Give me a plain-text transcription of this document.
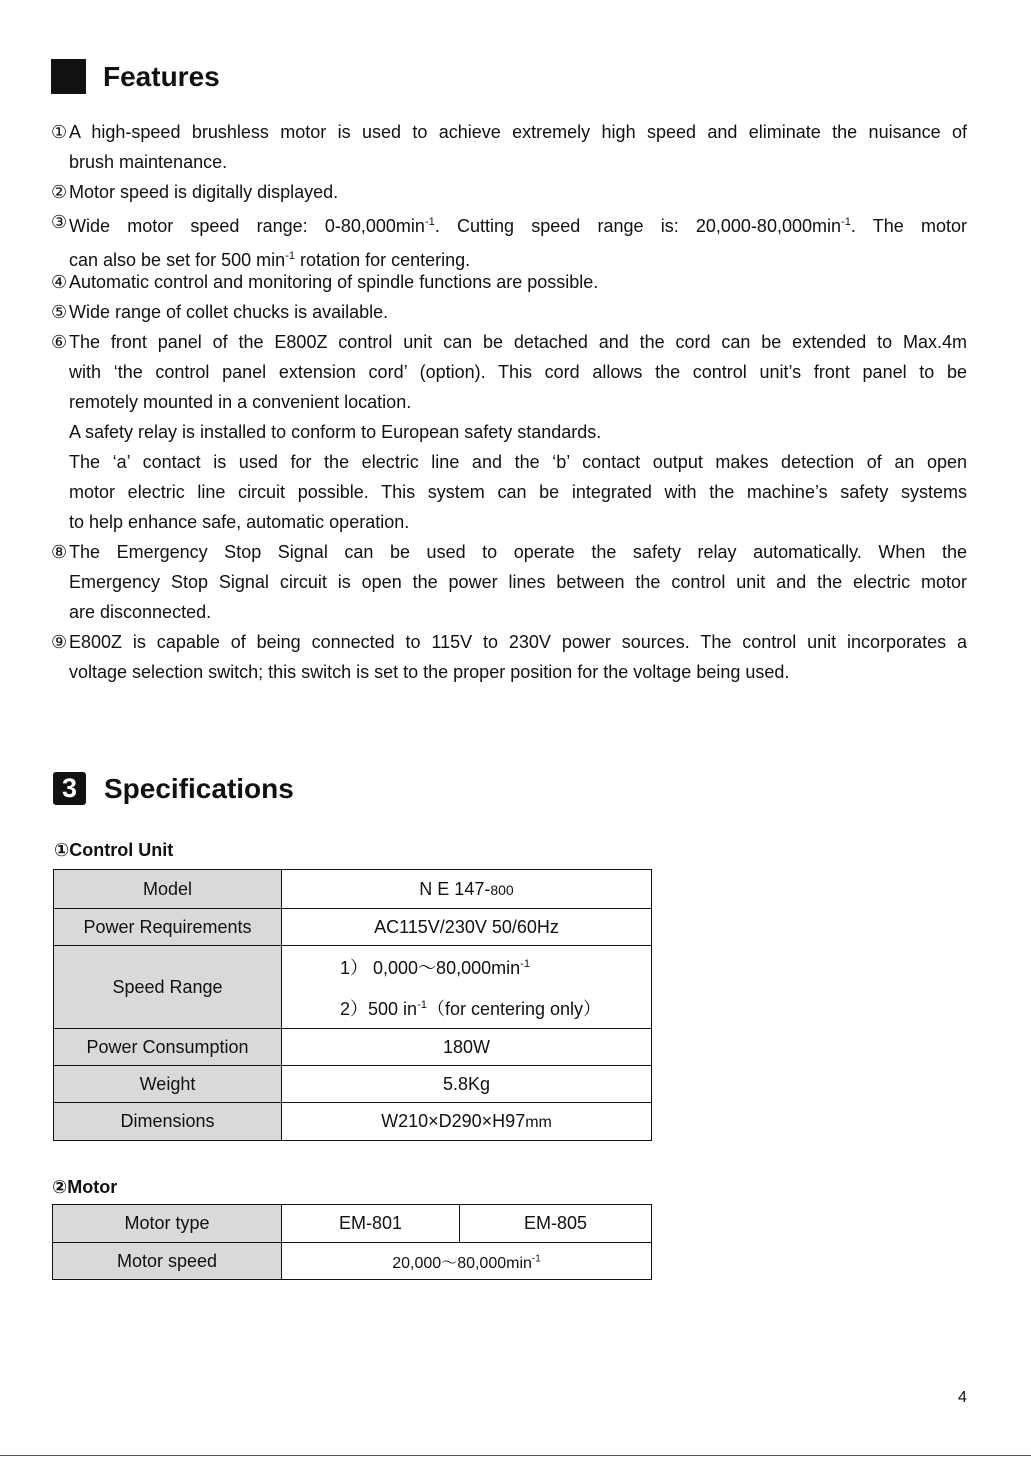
Features
① A high-speed brushless motor is used to achieve extremely high speed and eliminate the nuisance of
brush maintenance.
② Motor speed is digitally displayed.
③ Wide motor speed range: $0-80,000\min^{-1}$. Cutting speed range is: $20,000-80,000\min^{-1}$. The motor
can also be set for 500 $\min^{-1}$ rotation for centering.
④ Automatic control and monitoring of spindle functions are possible.
⑤ Wide range of collet chucks is available.
⑥ The front panel of the E800Z control unit can be detached and the cord can be extended to Max.4m
with ‘the control panel extension cord’ (option). This cord allows the control unit’s front panel to be
remotely mounted in a convenient location.
A safety relay is installed to conform to European safety standards.
The ‘a’ contact is used for the electric line and the ‘b’ contact output makes detection of an open
motor electric line circuit possible. This system can be integrated with the machine’s safety systems
to help enhance safe, automatic operation.
⑧ The Emergency Stop Signal can be used to operate the safety relay automatically. When the
Emergency Stop Signal circuit is open the power lines between the control unit and the electric motor
are disconnected.
⑨ E800Z is capable of being connected to 115V to 230V power sources. The control unit incorporates a
voltage selection switch; this switch is set to the proper position for the voltage being used.
3 Specifications
①Control Unit
Model	N E 147-800
Power Requirements	AC115V/230V 50/60Hz
Speed Range	1） $0,000\sim 80,000\min^{-1}$
2）500 $in^{-1}(for$ centering only）

Power Consumption	180W
Weight	5.8Kg
Dimensions	W210×D290×H97mm
②Motor
Motor type	EM-801	EM-805
Motor speed	$20,000\sim 80,000\min^{-1}$
4
